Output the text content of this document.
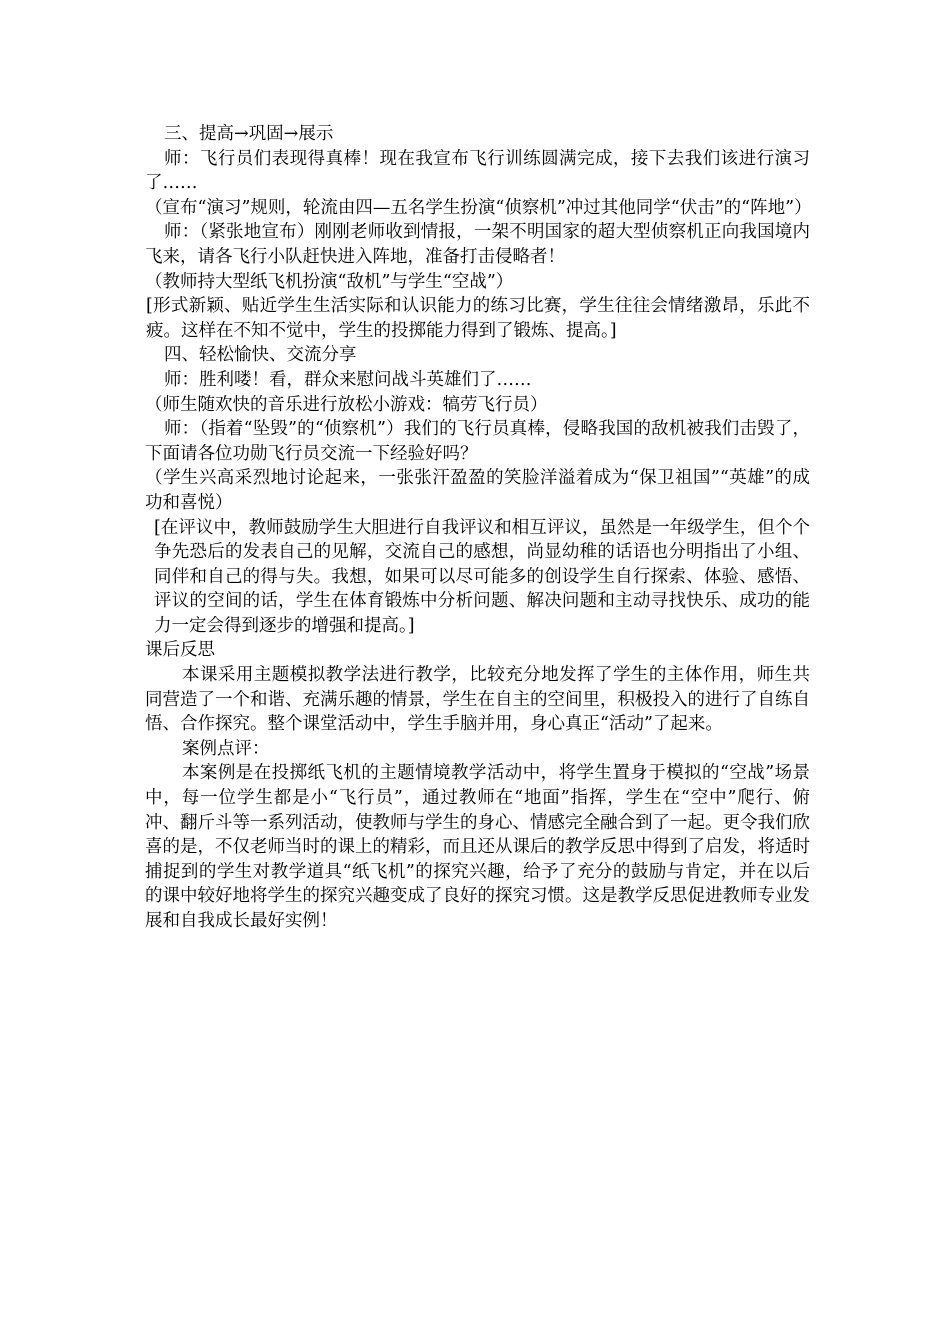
三、提高→巩固→展示

师：飞行员们表现得真棒！现在我宣布飞行训练圆满完成，接下去我们该进行演习了……

（宣布“演习”规则，轮流由四—五名学生扮演“侦察机”冲过其他同学“伏击”的“阵地”）

师：（紧张地宣布）刚刚老师收到情报，一架不明国家的超大型侦察机正向我国境内飞来，请各飞行小队赶快进入阵地，准备打击侵略者！

（教师持大型纸飞机扮演“敌机”与学生“空战”）

[形式新颖、贴近学生生活实际和认识能力的练习比赛，学生往往会情绪激昂，乐此不疲。这样在不知不觉中，学生的投掷能力得到了锻炼、提高。]

四、轻松愉快、交流分享

师：胜利喽！看，群众来慰问战斗英雄们了……

（师生随欢快的音乐进行放松小游戏：犒劳飞行员）

师：（指着“坠毁”的“侦察机”）我们的飞行员真棒，侵略我国的敌机被我们击毁了，下面请各位功勋飞行员交流一下经验好吗？

（学生兴高采烈地讨论起来，一张张汗盈盈的笑脸洋溢着成为“保卫祖国”“英雄”的成功和喜悦）

[在评议中，教师鼓励学生大胆进行自我评议和相互评议，虽然是一年级学生，但个个争先恐后的发表自己的见解，交流自己的感想，尚显幼稚的话语也分明指出了小组、同伴和自己的得与失。我想，如果可以尽可能多的创设学生自行探索、体验、感悟、评议的空间的话，学生在体育锻炼中分析问题、解决问题和主动寻找快乐、成功的能力一定会得到逐步的增强和提高。]

课后反思

本课采用主题模拟教学法进行教学，比较充分地发挥了学生的主体作用，师生共同营造了一个和谐、充满乐趣的情景，学生在自主的空间里，积极投入的进行了自练自悟、合作探究。整个课堂活动中，学生手脑并用，身心真正“活动”了起来。

案例点评：

本案例是在投掷纸飞机的主题情境教学活动中，将学生置身于模拟的“空战”场景中，每一位学生都是小“飞行员”，通过教师在“地面”指挥，学生在“空中”爬行、俯冲、翻斤斗等一系列活动，使教师与学生的身心、情感完全融合到了一起。更令我们欣喜的是，不仅老师当时的课上的精彩，而且还从课后的教学反思中得到了启发，将适时捕捉到的学生对教学道具“纸飞机”的探究兴趣，给予了充分的鼓励与肯定，并在以后的课中较好地将学生的探究兴趣变成了良好的探究习惯。这是教学反思促进教师专业发展和自我成长最好实例！
